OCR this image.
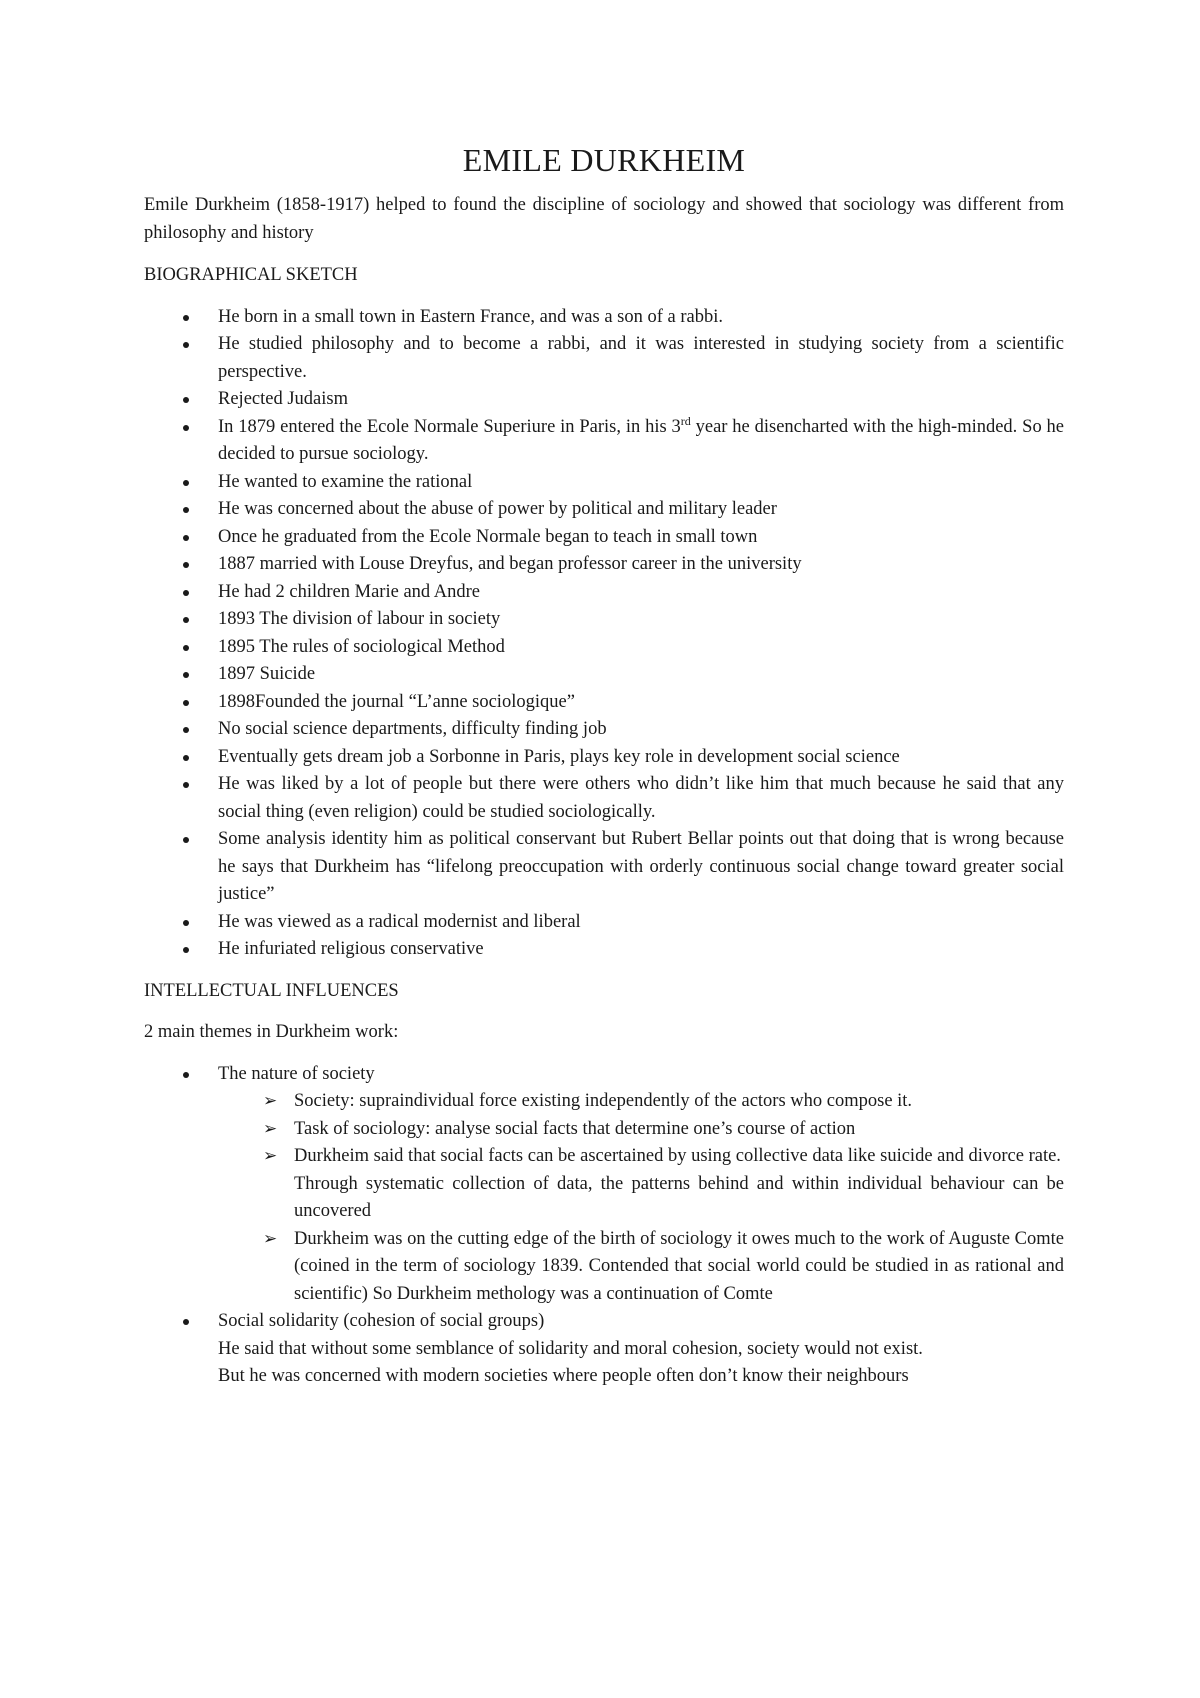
EMILE DURKHEIM

Emile Durkheim (1858-1917) helped to found the discipline of sociology and showed that sociology was different from philosophy and history

BIOGRAPHICAL SKETCH

He born in a small town in Eastern France, and was a son of a rabbi.
He studied philosophy and to become a rabbi, and it was interested in studying society from a scientific perspective.
Rejected Judaism
In 1879 entered the Ecole Normale Superiure in Paris, in his 3rd year he disencharted with the high-minded. So he decided to pursue sociology.
He wanted to examine the rational
He was concerned about the abuse of power by political and military leader
Once he graduated from the Ecole Normale began to teach in small town
1887 married with Louse Dreyfus, and began professor career in the university
He had 2 children Marie and Andre
1893 The division of labour in society
1895 The rules of sociological Method
1897 Suicide
1898Founded the journal “L’anne sociologique”
No social science departments, difficulty finding job
Eventually gets dream job a Sorbonne in Paris, plays key role in development social science
He was liked by a lot of people but there were others who didn’t like him that much because he said that any social thing (even religion) could be studied sociologically.
Some analysis identity him as political conservant but Rubert Bellar points out that doing that is wrong because he says that Durkheim has “lifelong preoccupation with orderly continuous social change toward greater social justice”
He was viewed as a radical modernist and liberal
He infuriated religious conservative

INTELLECTUAL INFLUENCES

2 main themes in Durkheim work:

The nature of society
➢ Society: supraindividual force existing independently of the actors who compose it.
➢ Task of sociology: analyse social facts that determine one’s course of action
➢ Durkheim said that social facts can be ascertained by using collective data like suicide and divorce rate.
Through systematic collection of data, the patterns behind and within individual behaviour can be uncovered
➢ Durkheim was on the cutting edge of the birth of sociology it owes much to the work of Auguste Comte (coined in the term of sociology 1839. Contended that social world could be studied in as rational and scientific) So Durkheim methology was a continuation of Comte
Social solidarity (cohesion of social groups)
He said that without some semblance of solidarity and moral cohesion, society would not exist.
But he was concerned with modern societies where people often don’t know their neighbours
